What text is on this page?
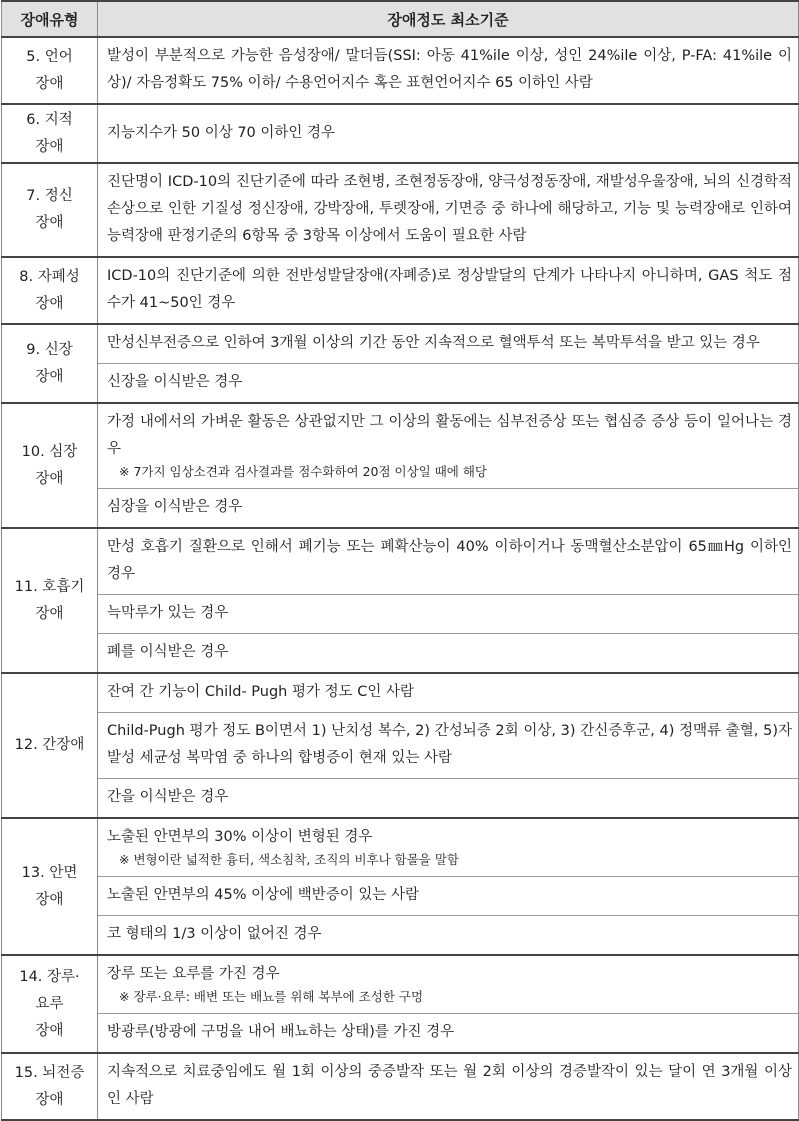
장애유형	장애정도 최소기준
5. 언어
장애	발성이 부분적으로 가능한 음성장애/ 말더듬(SSI: 아동 41%ile 이상, 성인 24%ile 이상, P-FA: 41%ile 이상)/ 자음정확도 75% 이하/ 수용언어지수 혹은 표현언어지수 65 이하인 사람
6. 지적
장애	지능지수가 50 이상 70 이하인 경우
7. 정신
장애	진단명이 ICD-10의 진단기준에 따라 조현병, 조현정동장애, 양극성정동장애, 재발성우울장애, 뇌의 신경학적 손상으로 인한 기질성 정신장애, 강박장애, 투렛장애, 기면증 중 하나에 해당하고, 기능 및 능력장애로 인하여 능력장애 판정기준의 6항목 중 3항목 이상에서 도움이 필요한 사람
8. 자폐성
장애	ICD-10의 진단기준에 의한 전반성발달장애(자폐증)로 정상발달의 단계가 나타나지 아니하며, GAS 척도 점수가 41~50인 경우
9. 신장
장애	만성신부전증으로 인하여 3개월 이상의 기간 동안 지속적으로 혈액투석 또는 복막투석을 받고 있는 경우
	신장을 이식받은 경우
10. 심장
장애	가정 내에서의 가벼운 활동은 상관없지만 그 이상의 활동에는 심부전증상 또는 협심증 증상 등이 일어나는 경우
※ 7가지 임상소견과 검사결과를 점수화하여 20점 이상일 때에 해당

	심장을 이식받은 경우
11. 호흡기
장애	만성 호흡기 질환으로 인해서 폐기능 또는 폐확산능이 40% 이하이거나 동맥혈산소분압이 65㎜Hg 이하인 경우
	늑막루가 있는 경우
	폐를 이식받은 경우
12. 간장애	잔여 간 기능이 Child- Pugh 평가 정도 C인 사람
	Child-Pugh 평가 정도 B이면서 1) 난치성 복수, 2) 간성뇌증 2회 이상, 3) 간신증후군, 4) 정맥류 출혈, 5)자발성 세균성 복막염 중 하나의 합병증이 현재 있는 사람
	간을 이식받은 경우
13. 안면
장애	노출된 안면부의 30% 이상이 변형된 경우
※ 변형이란 넓적한 흉터, 색소침착, 조직의 비후나 함몰을 말함

	노출된 안면부의 45% 이상에 백반증이 있는 사람
	코 형태의 1/3 이상이 없어진 경우
14. 장루·
요루
장애	장루 또는 요루를 가진 경우
※ 장루·요루: 배변 또는 배뇨를 위해 복부에 조성한 구멍

	방광루(방광에 구멍을 내어 배뇨하는 상태)를 가진 경우
15. 뇌전증
장애	지속적으로 치료중임에도 월 1회 이상의 중증발작 또는 월 2회 이상의 경증발작이 있는 달이 연 3개월 이상인 사람
